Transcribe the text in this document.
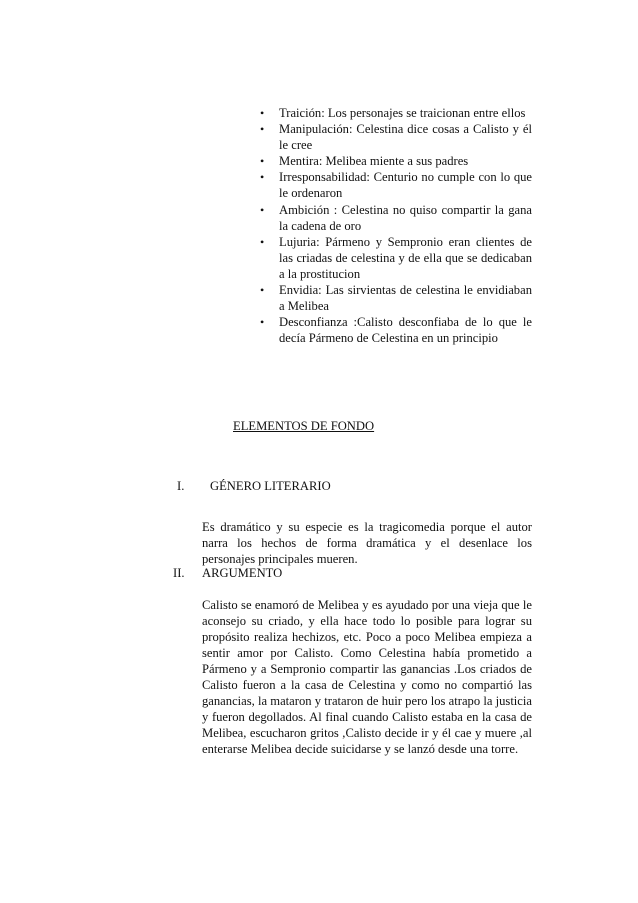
• Traición: Los personajes se traicionan entre ellos
• Manipulación: Celestina dice cosas a Calisto y él le cree
• Mentira: Melibea miente a sus padres
• Irresponsabilidad: Centurio no cumple con lo que le ordenaron
• Ambición : Celestina no quiso compartir la gana la cadena de oro
• Lujuria: Pármeno y Sempronio eran clientes de las criadas de celestina y de ella que se dedicaban a la prostitucion
• Envidia: Las sirvientas de celestina le envidiaban a Melibea
• Desconfianza :Calisto desconfiaba de lo que le decía Pármeno de Celestina en un principio
ELEMENTOS DE FONDO
I. GÉNERO LITERARIO

Es dramático y su especie es la tragicomedia porque el autor narra los hechos de forma dramática y el desenlace los personajes principales mueren.

II. ARGUMENTO

Calisto se enamoró de Melibea y es ayudado por una vieja que le aconsejo su criado, y ella hace todo lo posible para lograr su propósito realiza hechizos, etc. Poco a poco Melibea empieza a sentir amor por Calisto. Como Celestina había prometido a Pármeno y a Sempronio compartir las ganancias .Los criados de Calisto fueron a la casa de Celestina y como no compartió las ganancias, la mataron y trataron de huir pero los atrapo la justicia y fueron degollados. Al final cuando Calisto estaba en la casa de Melibea, escucharon gritos ,Calisto decide ir y él cae y muere ,al enterarse Melibea decide suicidarse y se lanzó desde una torre.
